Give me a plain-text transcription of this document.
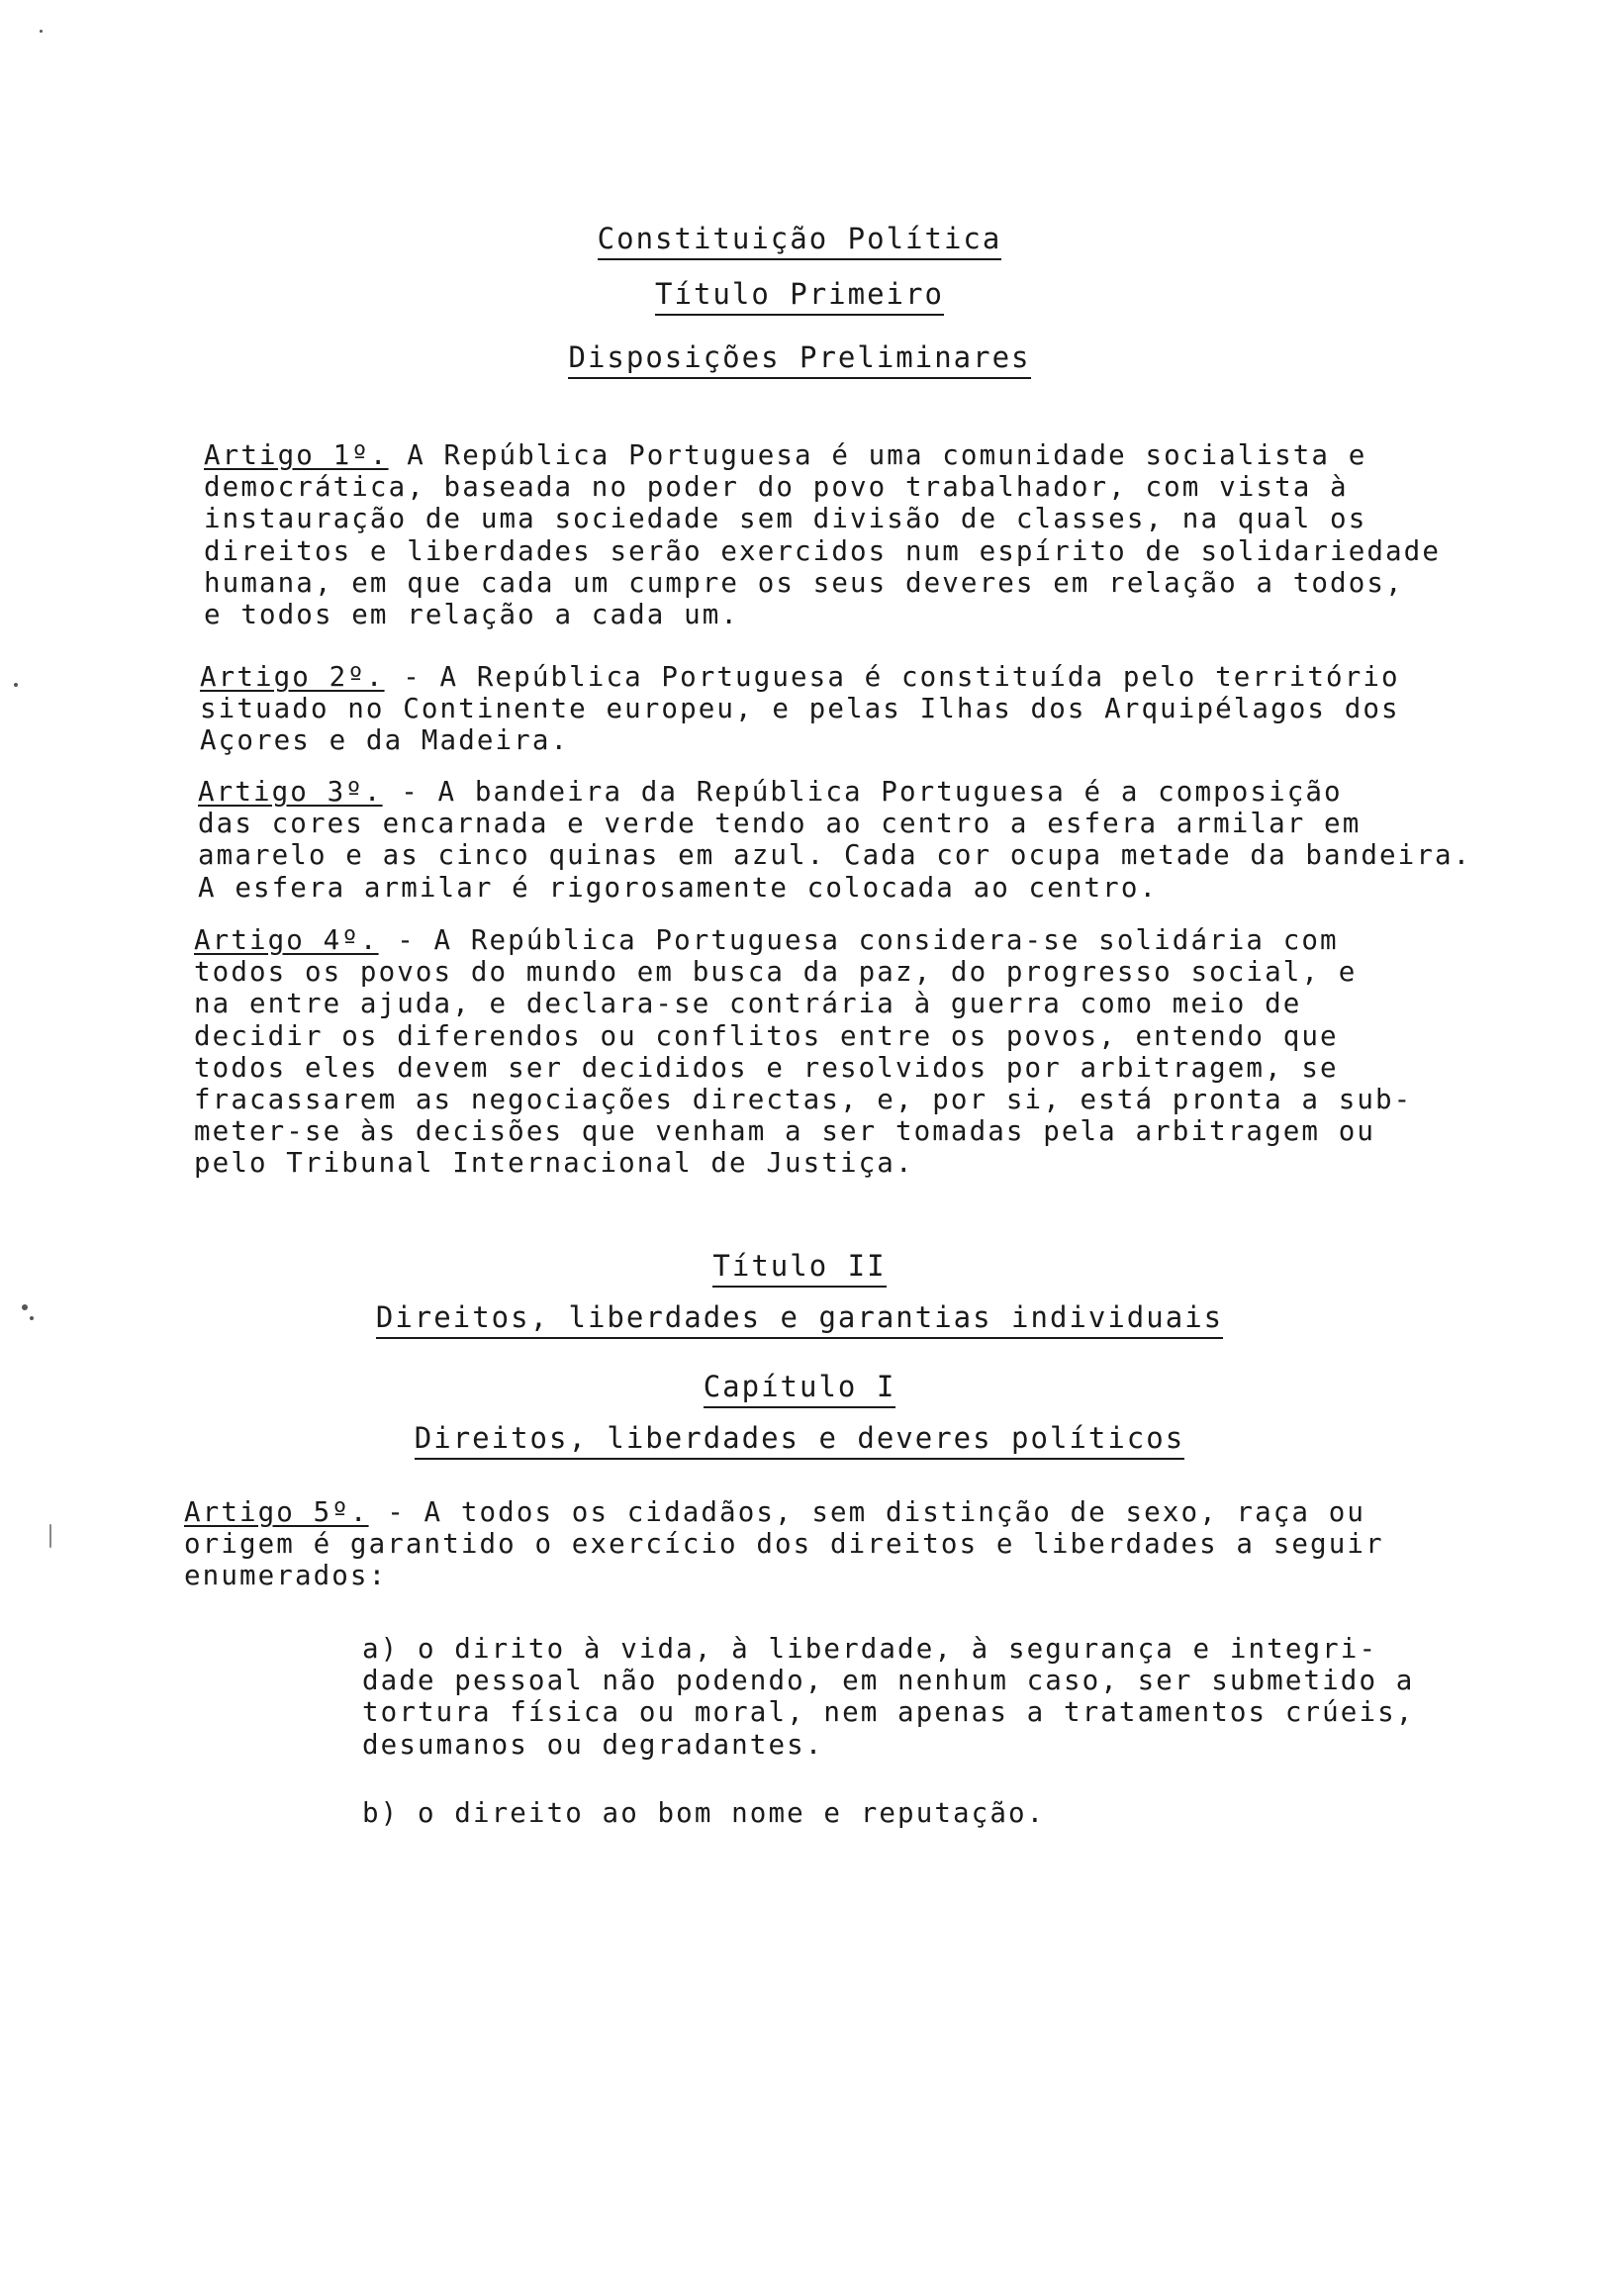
Constituição Política
Título Primeiro
Disposições Preliminares
Artigo 1º. A República Portuguesa é uma comunidade socialista e
democrática, baseada no poder do povo trabalhador, com vista à
instauração de uma sociedade sem divisão de classes, na qual os
direitos e liberdades serão exercidos num espírito de solidariedade
humana, em que cada um cumpre os seus deveres em relação a todos,
e todos em relação a cada um.
Artigo 2º. - A República Portuguesa é constituída pelo território
situado no Continente europeu, e pelas Ilhas dos Arquipélagos dos
Açores e da Madeira.
Artigo 3º. - A bandeira da República Portuguesa é a composição
das cores encarnada e verde tendo ao centro a esfera armilar em
amarelo e as cinco quinas em azul. Cada cor ocupa metade da bandeira.
A esfera armilar é rigorosamente colocada ao centro.
Artigo 4º. - A República Portuguesa considera-se solidária com
todos os povos do mundo em busca da paz, do progresso social, e
na entre ajuda, e declara-se contrária à guerra como meio de
decidir os diferendos ou conflitos entre os povos, entendo que
todos eles devem ser decididos e resolvidos por arbitragem, se
fracassarem as negociações directas, e, por si, está pronta a sub-
meter-se às decisões que venham a ser tomadas pela arbitragem ou
pelo Tribunal Internacional de Justiça.
Título II
Direitos, liberdades e garantias individuais
Capítulo I
Direitos, liberdades e deveres políticos
Artigo 5º. - A todos os cidadãos, sem distinção de sexo, raça ou
origem é garantido o exercício dos direitos e liberdades a seguir
enumerados:
a) o dirito à vida, à liberdade, à segurança e integri-
dade pessoal não podendo, em nenhum caso, ser submetido a
tortura física ou moral, nem apenas a tratamentos crúeis,
desumanos ou degradantes.
b) o direito ao bom nome e reputação.
